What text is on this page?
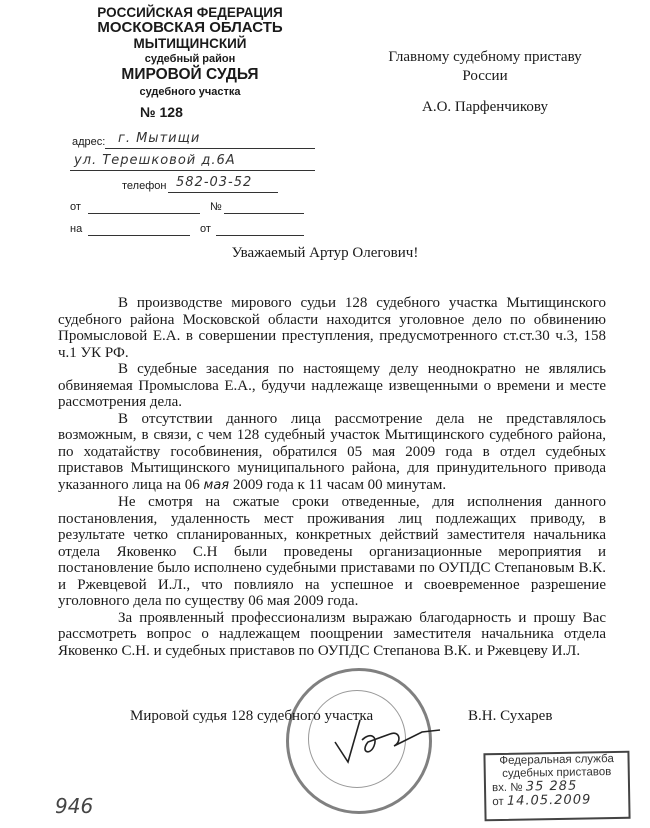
РОССИЙСКАЯ ФЕДЕРАЦИЯ
МОСКОВСКАЯ ОБЛАСТЬ
МЫТИЩИНСКИЙ
судебный район
МИРОВОЙ СУДЬЯ
судебного участка
№ 128
адрес: г. Мытищи
ул. Терешковой д.6А
телефон 582-03-52
от	№
на	от
Главному судебному приставу
России
А.О. Парфенчикову
Уважаемый Артур Олегович!

В производстве мирового судьи 128 судебного участка Мытищинского судебного района Московской области находится уголовное дело по обвинению Промысловой Е.А. в совершении преступления, предусмотренного ст.ст.30 ч.3, 158 ч.1 УК РФ.

В судебные заседания по настоящему делу неоднократно не являлись обвиняемая Промыслова Е.А., будучи надлежаще извещенными о времени и месте рассмотрения дела.

В отсутствии данного лица рассмотрение дела не представлялось возможным, в связи, с чем 128 судебный участок Мытищинского судебного района, по ходатайству гособвинения, обратился 05 мая 2009 года в отдел судебных приставов Мытищинского муниципального района, для принудительного привода указанного лица на 06 мая 2009 года к 11 часам 00 минутам.

Не смотря на сжатые сроки отведенные, для исполнения данного постановления, удаленность мест проживания лиц подлежащих приводу, в результате четко спланированных, конкретных действий заместителя начальника отдела Яковенко С.Н были проведены организационные мероприятия и постановление было исполнено судебными приставами по ОУПДС Степановым В.К. и Ржевцевой И.Л., что повлияло на успешное и своевременное разрешение уголовного дела по существу 06 мая 2009 года.

За проявленный профессионализм выражаю благодарность и прошу Вас рассмотреть вопрос о надлежащем поощрении заместителя начальника отдела Яковенко С.Н. и судебных приставов по ОУПДС Степанова В.К. и Ржевцеву И.Л.

Мировой судья 128 судебного участка	В.Н. Сухарев
Федеральная служба
судебных приставов
вх. № 35 285
от 14.05.2009
946
